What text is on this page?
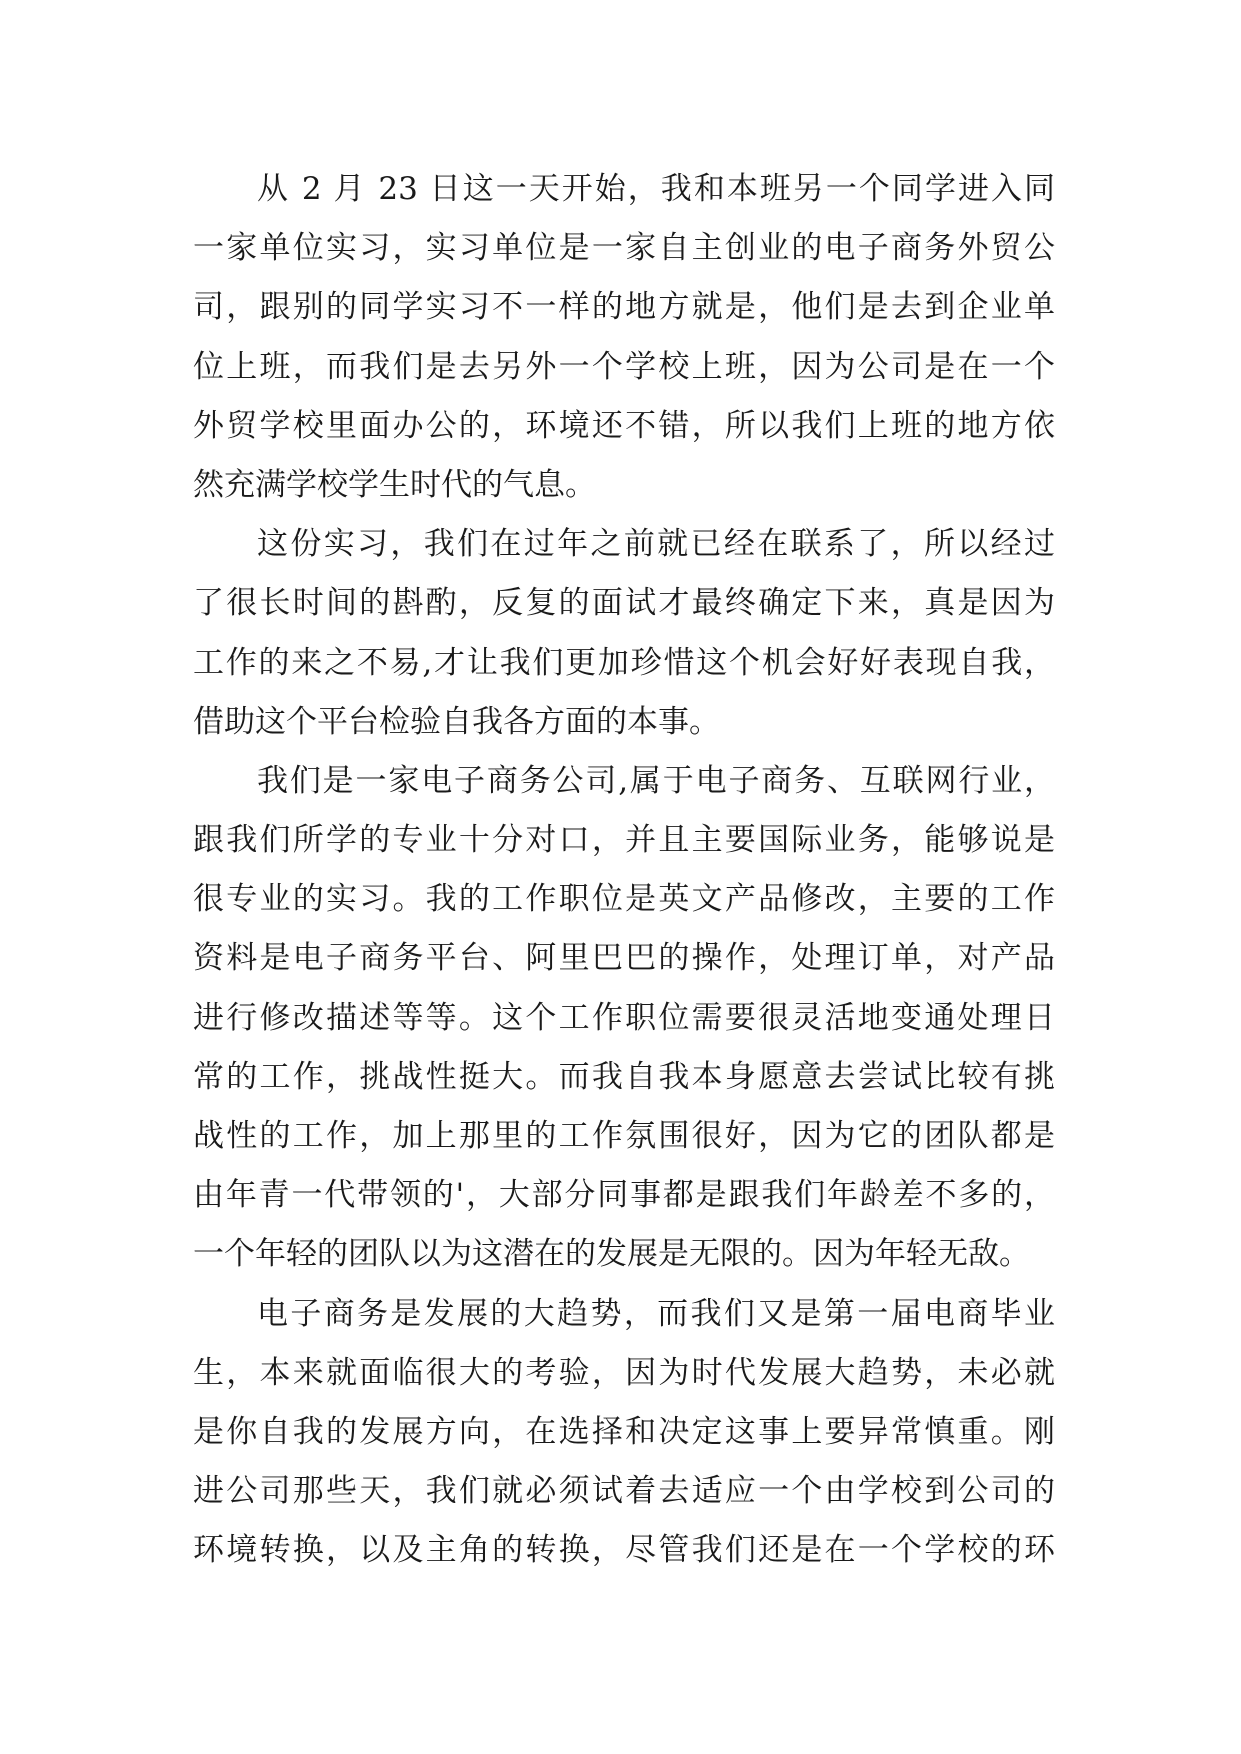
从 2 月 23 日这一天开始，我和本班另一个同学进入同
一家单位实习，实习单位是一家自主创业的电子商务外贸公
司，跟别的同学实习不一样的地方就是，他们是去到企业单
位上班，而我们是去另外一个学校上班，因为公司是在一个
外贸学校里面办公的，环境还不错，所以我们上班的地方依
然充满学校学生时代的气息。
这份实习，我们在过年之前就已经在联系了，所以经过
了很长时间的斟酌，反复的面试才最终确定下来，真是因为
工作的来之不易,才让我们更加珍惜这个机会好好表现自我，
借助这个平台检验自我各方面的本事。
我们是一家电子商务公司,属于电子商务、互联网行业，
跟我们所学的专业十分对口，并且主要国际业务，能够说是
很专业的实习。我的工作职位是英文产品修改，主要的工作
资料是电子商务平台、阿里巴巴的操作，处理订单，对产品
进行修改描述等等。这个工作职位需要很灵活地变通处理日
常的工作，挑战性挺大。而我自我本身愿意去尝试比较有挑
战性的工作，加上那里的工作氛围很好，因为它的团队都是
由年青一代带领的'，大部分同事都是跟我们年龄差不多的，
一个年轻的团队以为这潜在的发展是无限的。因为年轻无敌。
电子商务是发展的大趋势，而我们又是第一届电商毕业
生，本来就面临很大的考验，因为时代发展大趋势，未必就
是你自我的发展方向，在选择和决定这事上要异常慎重。刚
进公司那些天，我们就必须试着去适应一个由学校到公司的
环境转换，以及主角的转换，尽管我们还是在一个学校的环
